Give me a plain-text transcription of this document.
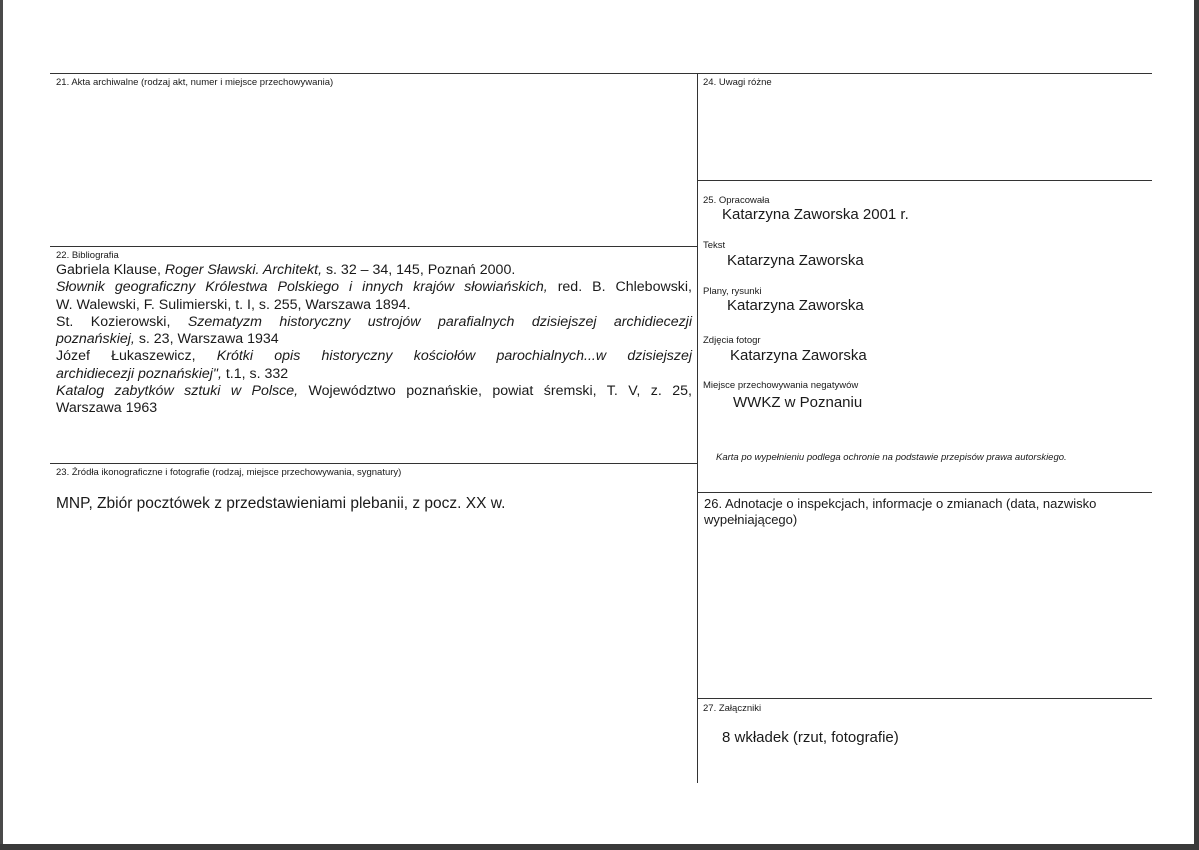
21. Akta archiwalne (rodzaj akt, numer i miejsce przechowywania)
22. Bibliografia

Gabriela Klause, Roger Sławski. Architekt, s. 32 – 34, 145, Poznań 2000.

Słownik geograficzny Królestwa Polskiego i innych krajów słowiańskich, red. B. Chlebowski,

W. Walewski, F. Sulimierski, t. I, s. 255, Warszawa 1894.

St. Kozierowski, Szematyzm historyczny ustrojów parafialnych dzisiejszej archidiecezji

poznańskiej, s. 23, Warszawa 1934

Józef Łukaszewicz, Krótki opis historyczny kościołów parochialnych...w dzisiejszej

archidiecezji poznańskiej", t.1, s. 332

Katalog zabytków sztuki w Polsce, Województwo poznańskie, powiat śremski, T. V, z. 25,

Warszawa 1963

23. Źródła ikonograficzne i fotografie (rodzaj, miejsce przechowywania, sygnatury)
MNP, Zbiór pocztówek z przedstawieniami plebanii, z pocz. XX w.
24. Uwagi różne
25. Opracowała
Katarzyna Zaworska 2001 r.
Tekst
Katarzyna Zaworska
Plany, rysunki
Katarzyna Zaworska
Zdjęcia fotogr
Katarzyna Zaworska
Miejsce przechowywania negatywów
WWKZ w Poznaniu
Karta po wypełnieniu podlega ochronie na podstawie przepisów prawa autorskiego.
26. Adnotacje o inspekcjach, informacje o zmianach (data, nazwisko wypełniającego)
27. Załączniki
8 wkładek (rzut, fotografie)
